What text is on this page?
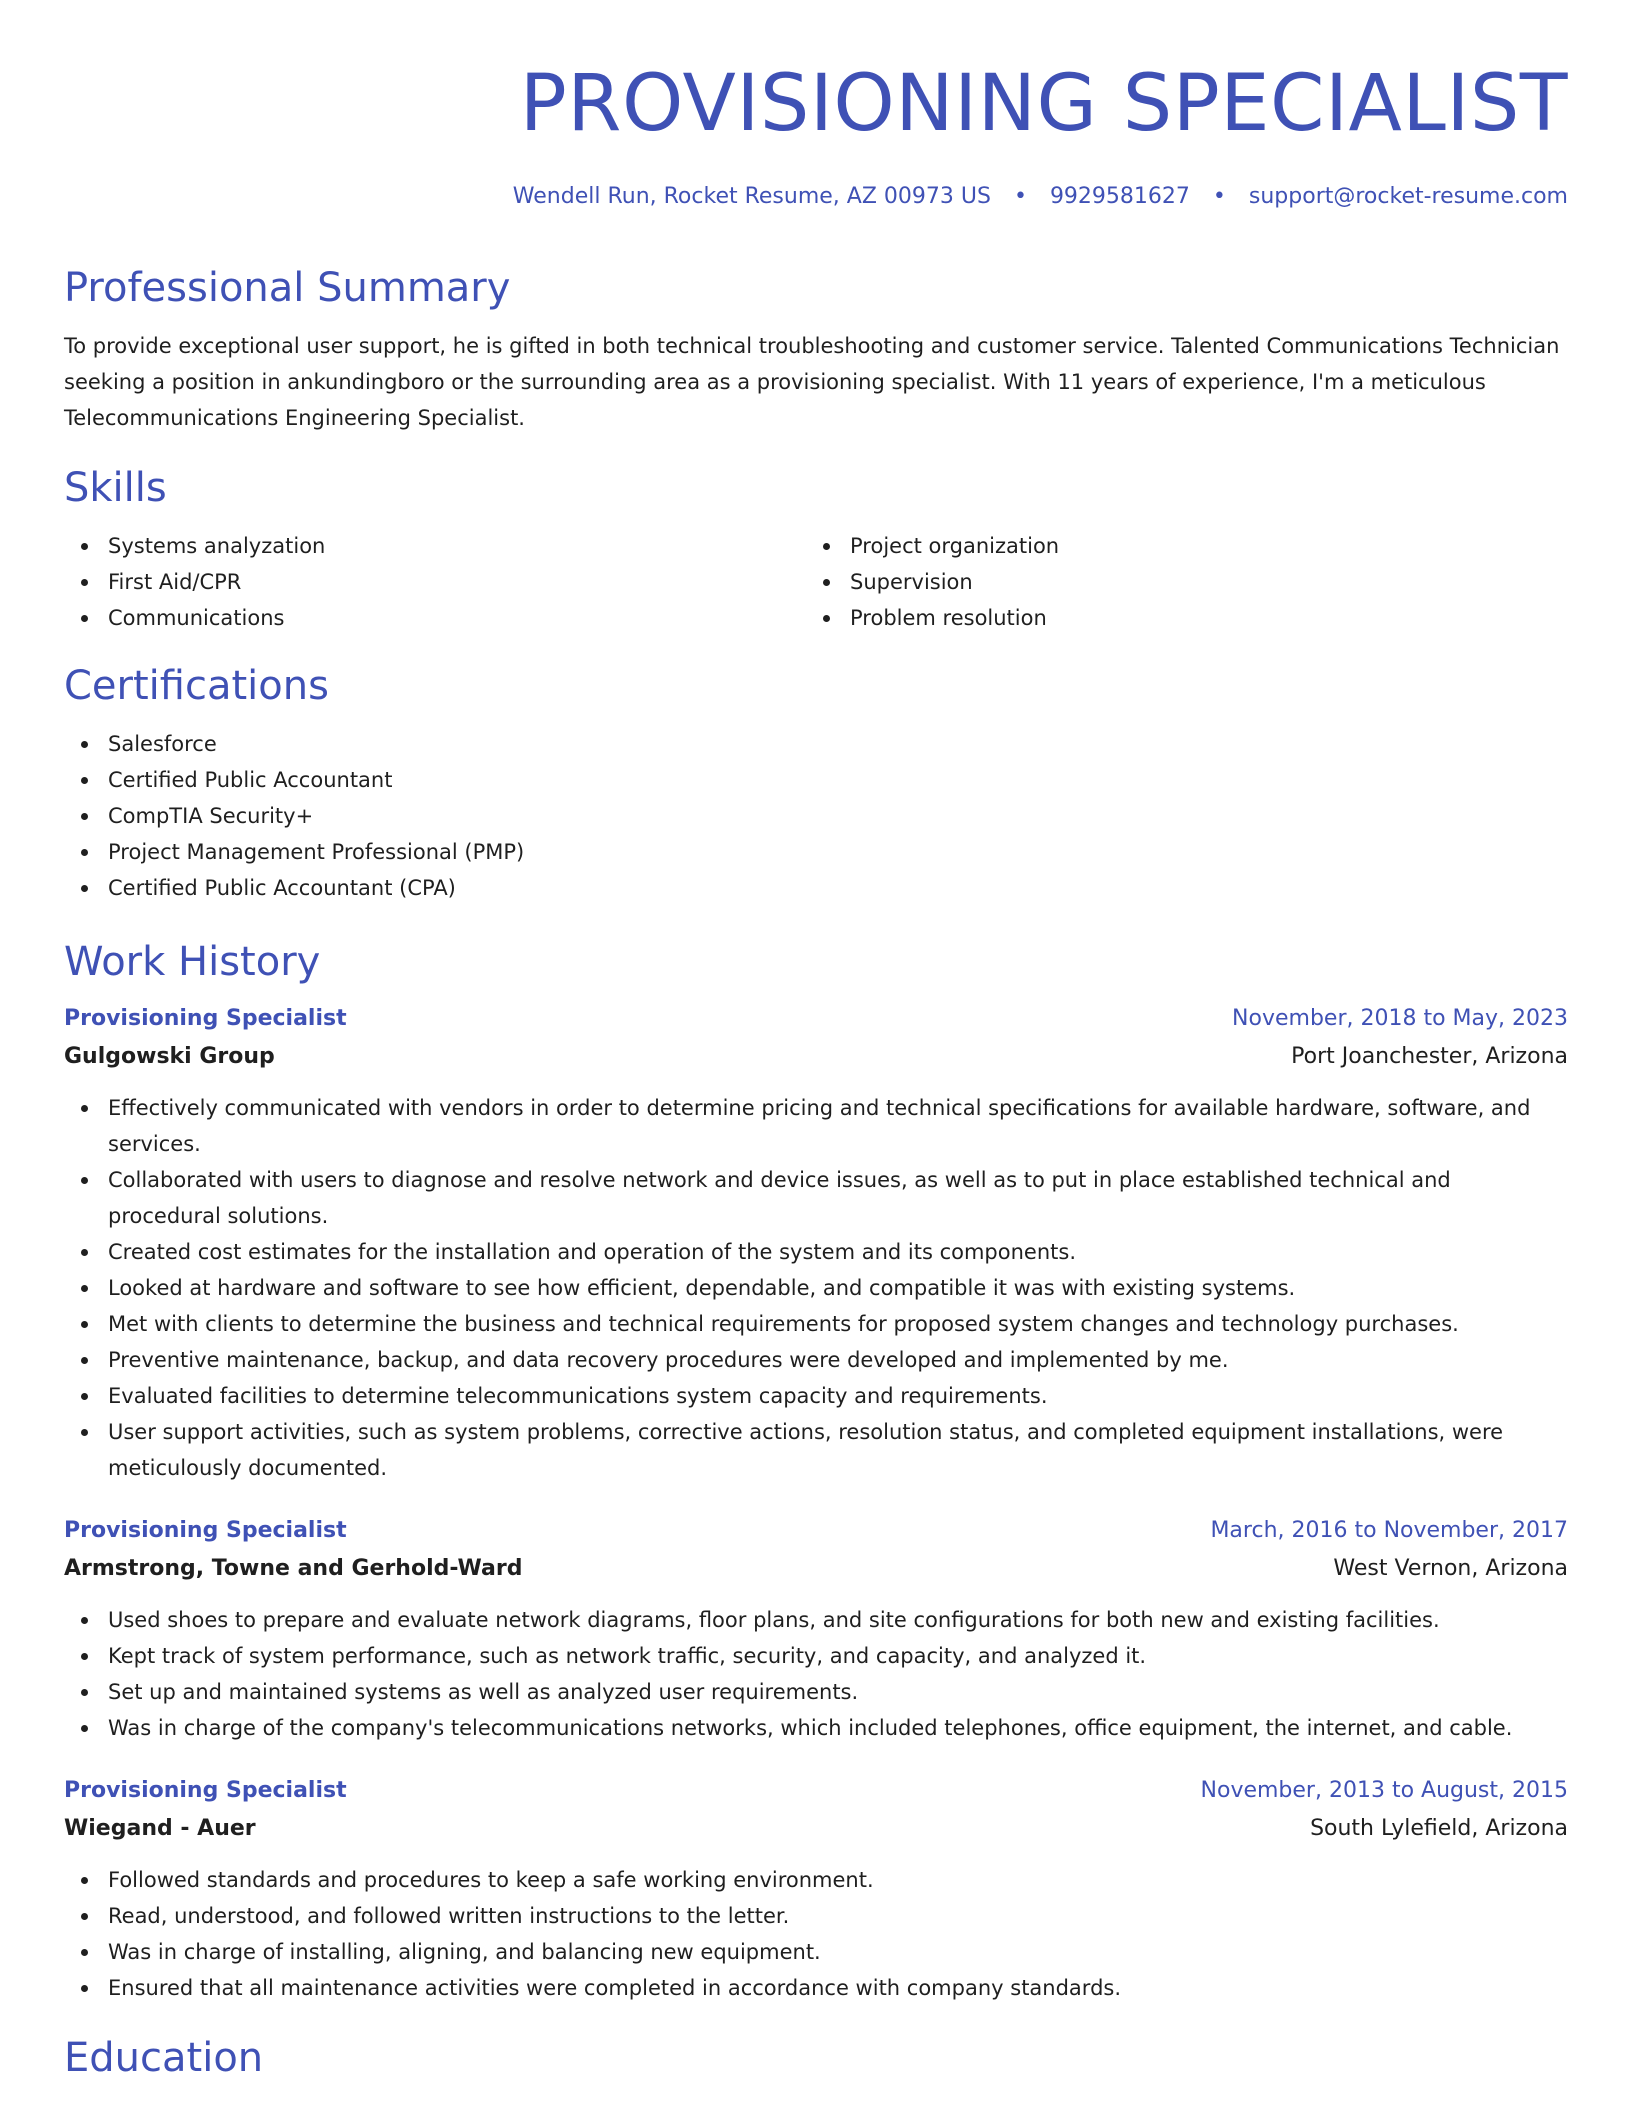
PROVISIONING SPECIALIST
Wendell Run, Rocket Resume, AZ 00973 US • 9929581627 • support@rocket-resume.com
Professional Summary

To provide exceptional user support, he is gifted in both technical troubleshooting and customer service. Talented Communications Technician seeking a position in ankundingboro or the surrounding area as a provisioning specialist. With 11 years of experience, I'm a meticulous Telecommunications Engineering Specialist.

Skills
Systems analyzation
First Aid/CPR
Communications
Project organization
Supervision
Problem resolution
Certifications
Salesforce
Certified Public Accountant
CompTIA Security+
Project Management Professional (PMP)
Certified Public Accountant (CPA)
Work History
Provisioning Specialist	November, 2018 to May, 2023
Gulgowski Group	Port Joanchester, Arizona
Effectively communicated with vendors in order to determine pricing and technical specifications for available hardware, software, and services.
Collaborated with users to diagnose and resolve network and device issues, as well as to put in place established technical and procedural solutions.
Created cost estimates for the installation and operation of the system and its components.
Looked at hardware and software to see how efficient, dependable, and compatible it was with existing systems.
Met with clients to determine the business and technical requirements for proposed system changes and technology purchases.
Preventive maintenance, backup, and data recovery procedures were developed and implemented by me.
Evaluated facilities to determine telecommunications system capacity and requirements.
User support activities, such as system problems, corrective actions, resolution status, and completed equipment installations, were meticulously documented.
Provisioning Specialist	March, 2016 to November, 2017
Armstrong, Towne and Gerhold-Ward	West Vernon, Arizona
Used shoes to prepare and evaluate network diagrams, floor plans, and site configurations for both new and existing facilities.
Kept track of system performance, such as network traffic, security, and capacity, and analyzed it.
Set up and maintained systems as well as analyzed user requirements.
Was in charge of the company's telecommunications networks, which included telephones, office equipment, the internet, and cable.
Provisioning Specialist	November, 2013 to August, 2015
Wiegand - Auer	South Lylefield, Arizona
Followed standards and procedures to keep a safe working environment.
Read, understood, and followed written instructions to the letter.
Was in charge of installing, aligning, and balancing new equipment.
Ensured that all maintenance activities were completed in accordance with company standards.
Education
